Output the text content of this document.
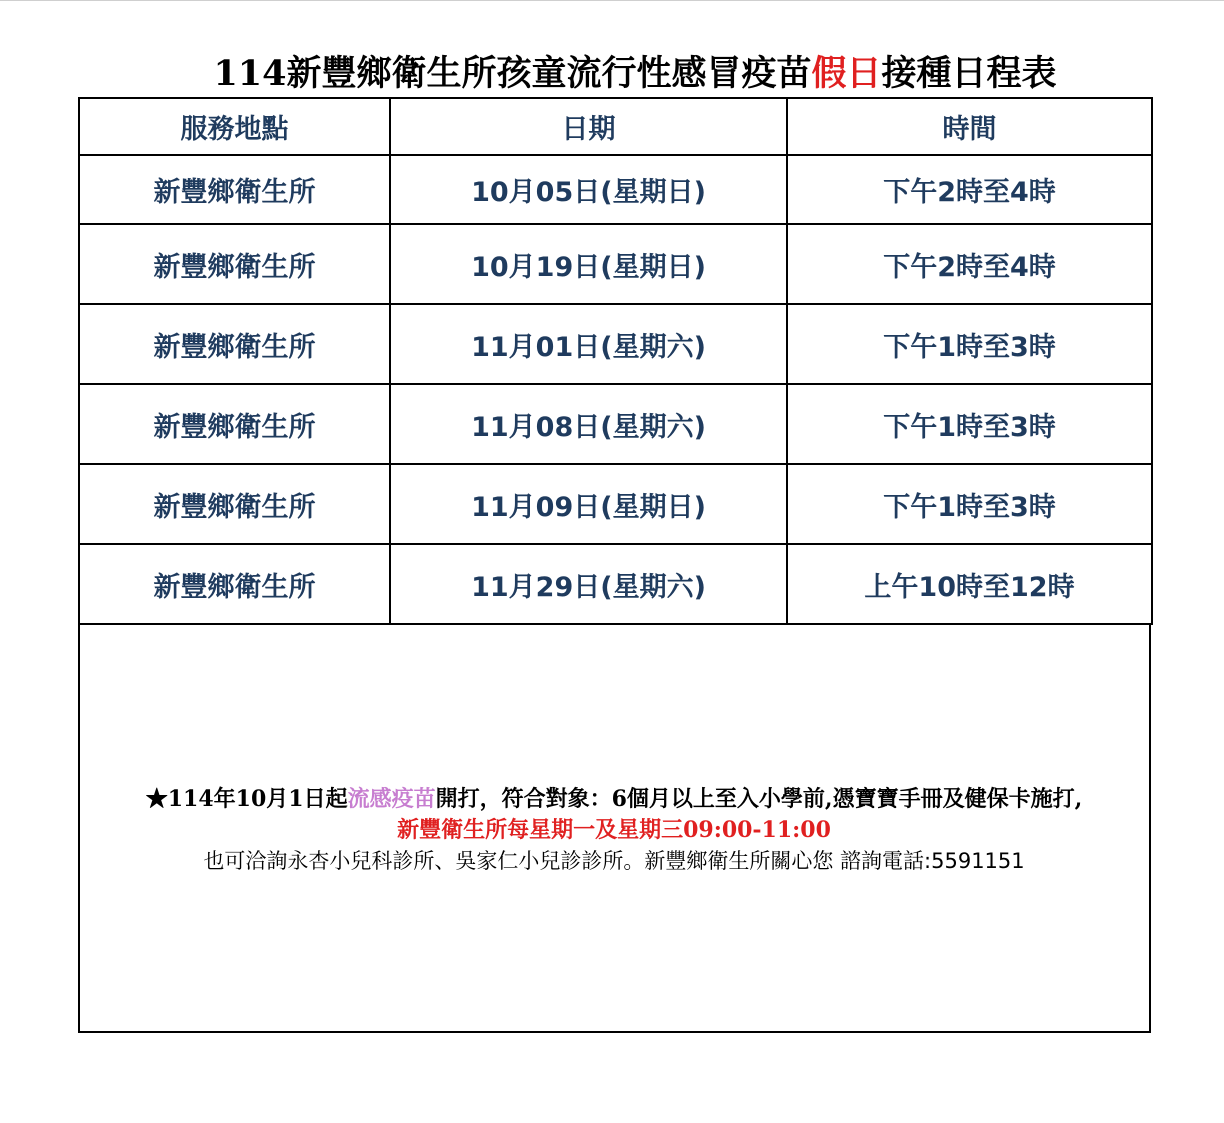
114新豐鄉衛生所孩童流行性感冒疫苗假日接種日程表
服務地點	日期	時間
新豐鄉衛生所	10月05日(星期日)	下午2時至4時
新豐鄉衛生所	10月19日(星期日)	下午2時至4時
新豐鄉衛生所	11月01日(星期六)	下午1時至3時
新豐鄉衛生所	11月08日(星期六)	下午1時至3時
新豐鄉衛生所	11月09日(星期日)	下午1時至3時
新豐鄉衛生所	11月29日(星期六)	上午10時至12時
★114年10月1日起流感疫苗開打，符合對象：6個月以上至入小學前,憑寶寶手冊及健保卡施打,
新豐衛生所每星期一及星期三09:00-11:00
也可洽詢永杏小兒科診所、吳家仁小兒診診所。新豐鄉衛生所關心您 諮詢電話:5591151
